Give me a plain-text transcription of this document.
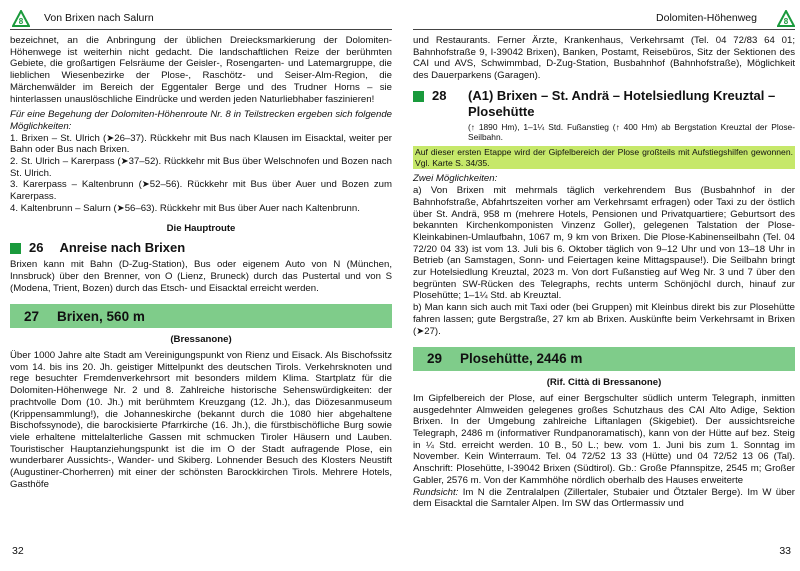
8 Von Brixen nach Salurn

bezeichnet, an die Anbringung der üblichen Dreiecksmarkierung der Dolomiten-Höhenwege ist weiterhin nicht gedacht. Die landschaftlichen Reize der berühmten Gebiete, die großartigen Felsräume der Geisler-, Rosengarten- und Latemargruppe, die lieblichen Wiesenbezirke der Plose-, Raschötz- und Seiser-Alm-Region, die Märchenwälder im Bereich der Eggentaler Berge und des Trudner Horns – sie hinterlassen unauslöschliche Eindrücke und werden jeden Naturliebhaber faszinieren!

Für eine Begehung der Dolomiten-Höhenroute Nr. 8 in Teilstrecken ergeben sich folgende Möglichkeiten:

1. Brixen – St. Ulrich (➤26–37). Rückkehr mit Bus nach Klausen im Eisacktal, weiter per Bahn oder Bus nach Brixen.

2. St. Ulrich – Karerpass (➤37–52). Rückkehr mit Bus über Welschnofen und Bozen nach St. Ulrich.

3. Karerpass – Kaltenbrunn (➤52–56). Rückkehr mit Bus über Auer und Bozen zum Karerpass.

4. Kaltenbrunn – Salurn (➤56–63). Rückkehr mit Bus über Auer nach Kaltenbrunn.

Die Hauptroute
26 Anreise nach Brixen

Brixen kann mit Bahn (D-Zug-Station), Bus oder eigenem Auto von N (München, Innsbruck) über den Brenner, von O (Lienz, Bruneck) durch das Pustertal und von S (Modena, Trient, Bozen) durch das Etsch- und Eisacktal erreicht werden.

27 Brixen, 560 m
(Bressanone)

Über 1000 Jahre alte Stadt am Vereinigungspunkt von Rienz und Eisack. Als Bischofssitz vom 14. bis ins 20. Jh. geistiger Mittelpunkt des deutschen Tirols. Verkehrsknoten und rege besuchter Fremdenverkehrsort mit besonders mildem Klima. Startplatz für die Dolomiten-Höhenwege Nr. 2 und 8. Zahlreiche historische Sehenswürdigkeiten: der prachtvolle Dom (10. Jh.) mit berühmtem Kreuzgang (12. Jh.), das Diözesanmuseum (Krippensammlung!), die Johanneskirche (bekannt durch die 1080 hier abgehaltene Bischofssynode), die barockisierte Pfarrkirche (16. Jh.), die fürstbischöfliche Burg sowie viele erhaltene mittelalterliche Gassen mit schmucken Tiroler Häusern und Lauben. Touristischer Hauptanziehungspunkt ist die im O der Stadt aufragende Plose, ein wunderbarer Aussichts-, Wander- und Skiberg. Lohnender Besuch des Klosters Neustift (Augustiner-Chorherren) mit einer der schönsten Barockkirchen Tirols. Mehrere Hotels, Gasthöfe

32
Dolomiten-Höhenweg	8

und Restaurants. Ferner Ärzte, Krankenhaus, Verkehrsamt (Tel. 04 72/83 64 01; Bahnhofstraße 9, I-39042 Brixen), Banken, Postamt, Reisebüros, Sitz der Sektionen des CAI und AVS, Schwimmbad, D-Zug-Station, Busbahnhof (Bahnhofstraße), Möglichkeit des Dauerparkens (Garagen).

28	(A1) Brixen – St. Andrä – Hotelsiedlung Kreuztal – Plosehütte

(↑ 1890 Hm), 1–1¼ Std. Fußanstieg (↑ 400 Hm) ab Bergstation Kreuztal der Plose-Seilbahn.

Auf dieser ersten Etappe wird der Gipfelbereich der Plose großteils mit Aufstiegshilfen gewonnen. Vgl. Karte S. 34/35.

Zwei Möglichkeiten:

a) Von Brixen mit mehrmals täglich verkehrendem Bus (Busbahnhof in der Bahnhofstraße, Abfahrtszeiten vorher am Verkehrsamt erfragen) oder Taxi zu der östlich über St. Andrä, 958 m (mehrere Hotels, Pensionen und Privatquartiere; Geburtsort des bekannten Kirchenkomponisten Vinzenz Goller), gelegenen Talstation der Plose-Kleinkabinen-Umlaufbahn, 1067 m, 9 km von Brixen. Die Plose-Kabinenseilbahn (Tel. 04 72/20 04 33) ist vom 13. Juli bis 6. Oktober täglich von 9–12 Uhr und von 13–18 Uhr in Betrieb (an Samstagen, Sonn- und Feiertagen keine Mittagspause!). Die Seilbahn bringt zur Hotelsiedlung Kreuztal, 2023 m. Von dort Fußanstieg auf Weg Nr. 3 und 7 über den begrünten SW-Rücken des Telegraphs, rechts unterm Schönjöchl durch, hinauf zur Plosehütte; 1–1¼ Std. ab Kreuztal.

b) Man kann sich auch mit Taxi oder (bei Gruppen) mit Kleinbus direkt bis zur Plosehütte fahren lassen; gute Bergstraße, 27 km ab Brixen. Auskünfte beim Verkehrsamt in Brixen (➤27).

29 Plosehütte, 2446 m
(Rif. Città di Bressanone)

Im Gipfelbereich der Plose, auf einer Bergschulter südlich unterm Telegraph, inmitten ausgedehnter Almweiden gelegenes großes Schutzhaus des CAI Alto Adige, Sektion Brixen. In der Umgebung zahlreiche Liftanlagen (Skigebiet). Der aussichtsreiche Telegraph, 2486 m (informativer Rundpanoramatisch), kann von der Hütte auf bez. Steig in ¼ Std. erreicht werden. 10 B., 50 L.; bew. vom 1. Juni bis zum 1. Sonntag im November. Kein Winterraum. Tel. 04 72/52 13 33 (Hütte) und 04 72/52 13 06 (Tal). Anschrift: Plosehütte, I-39042 Brixen (Südtirol). Gb.: Große Pfannspitze, 2545 m; Großer Gabler, 2576 m. Von der Kammhöhe nördlich oberhalb des Hauses erweiterte

Rundsicht: Im N die Zentralalpen (Zillertaler, Stubaier und Ötztaler Berge). Im W über dem Eisacktal die Sarntaler Alpen. Im SW das Ortlermassiv und

33
